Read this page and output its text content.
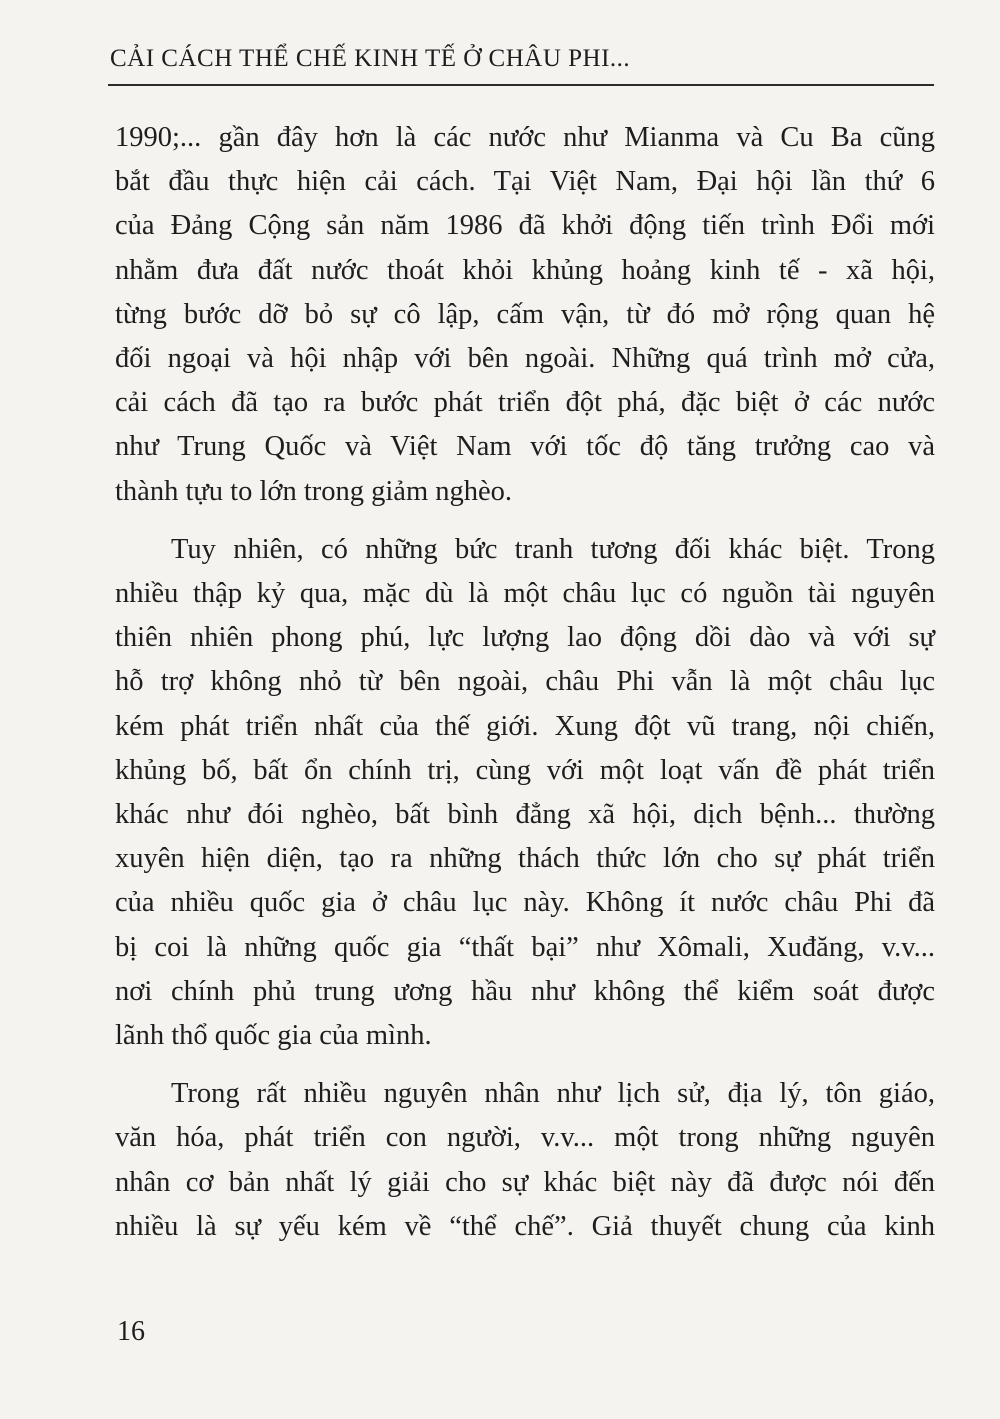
CẢI CÁCH THỂ CHẾ KINH TẾ Ở CHÂU PHI...

1990;... gần đây hơn là các nước như Mianma và Cu Ba cũng
bắt đầu thực hiện cải cách. Tại Việt Nam, Đại hội lần thứ 6
của Đảng Cộng sản năm 1986 đã khởi động tiến trình Đổi mới
nhằm đưa đất nước thoát khỏi khủng hoảng kinh tế - xã hội,
từng bước dỡ bỏ sự cô lập, cấm vận, từ đó mở rộng quan hệ
đối ngoại và hội nhập với bên ngoài. Những quá trình mở cửa,
cải cách đã tạo ra bước phát triển đột phá, đặc biệt ở các nước
như Trung Quốc và Việt Nam với tốc độ tăng trưởng cao và
thành tựu to lớn trong giảm nghèo.

Tuy nhiên, có những bức tranh tương đối khác biệt. Trong
nhiều thập kỷ qua, mặc dù là một châu lục có nguồn tài nguyên
thiên nhiên phong phú, lực lượng lao động dồi dào và với sự
hỗ trợ không nhỏ từ bên ngoài, châu Phi vẫn là một châu lục
kém phát triển nhất của thế giới. Xung đột vũ trang, nội chiến,
khủng bố, bất ổn chính trị, cùng với một loạt vấn đề phát triển
khác như đói nghèo, bất bình đẳng xã hội, dịch bệnh... thường
xuyên hiện diện, tạo ra những thách thức lớn cho sự phát triển
của nhiều quốc gia ở châu lục này. Không ít nước châu Phi đã
bị coi là những quốc gia “thất bại” như Xômali, Xuđăng, v.v...
nơi chính phủ trung ương hầu như không thể kiểm soát được
lãnh thổ quốc gia của mình.

Trong rất nhiều nguyên nhân như lịch sử, địa lý, tôn giáo,
văn hóa, phát triển con người, v.v... một trong những nguyên
nhân cơ bản nhất lý giải cho sự khác biệt này đã được nói đến
nhiều là sự yếu kém về “thể chế”. Giả thuyết chung của kinh

16
